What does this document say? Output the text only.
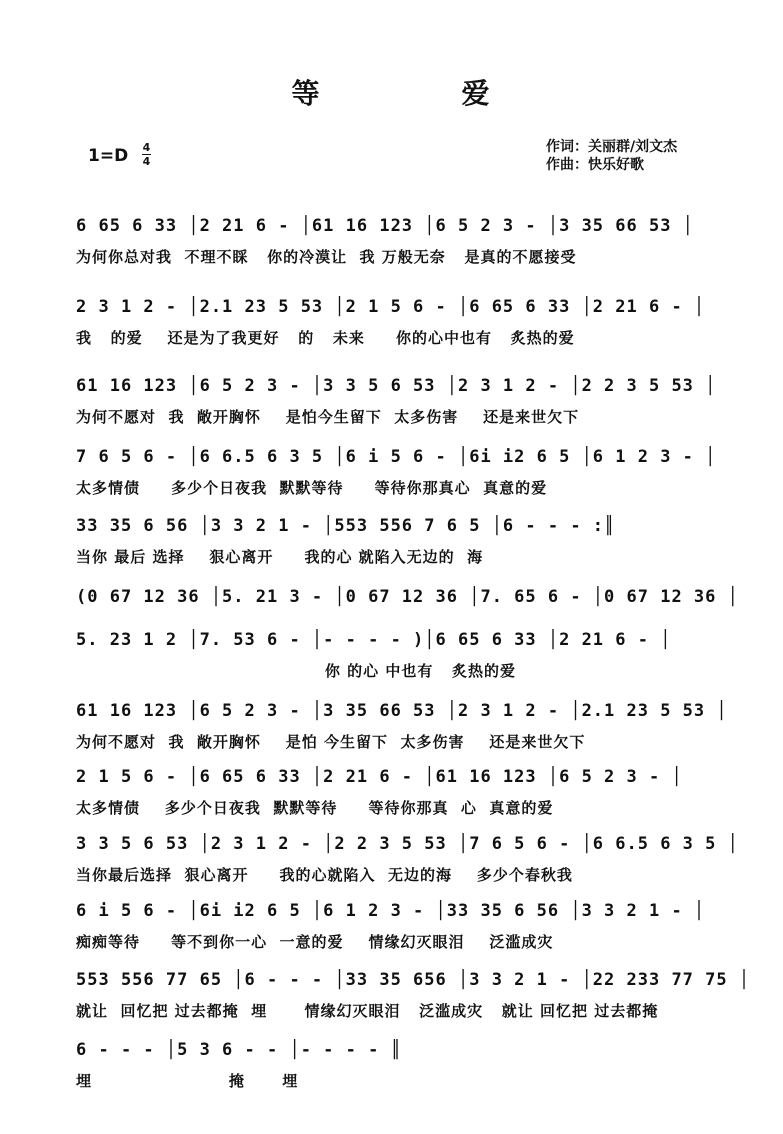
等	爱
1=D 4
4
作词：关丽群/刘文杰
作曲：快乐好歌
6 65 6 33 │2 21 6 - │61 16 123 │6 5 2 3 - │3 35 66 53 │
为何你总对我  不理不睬   你的冷漠让  我 万般无奈   是真的不愿接受
2 3 1 2 - │2.1 23 5 53 │2 1 5 6 - │6 65 6 33 │2 21 6 - │
我   的爱    还是为了我更好   的   未来     你的心中也有   炙热的爱
61 16 123 │6 5 2 3 - │3 3 5 6 53 │2 3 1 2 - │2 2 3 5 53 │
为何不愿对  我  敞开胸怀    是怕今生留下  太多伤害    还是来世欠下
7 6 5 6 - │6 6.5 6 3 5 │6 i 5 6 - │6i i2 6 5 │6 1 2 3 - │
太多情债     多少个日夜我  默默等待     等待你那真心  真意的爱
33 35 6 56 │3 3 2 1 - │553 556 7 6 5 │6 - - - :║
当你 最后 选择    狠心离开     我的心 就陷入无边的  海
(0 67 12 36 │5. 21 3 - │0 67 12 36 │7. 65 6 - │0 67 12 36 │
5. 23 1 2 │7. 53 6 - │- - - - )│6 65 6 33 │2 21 6 - │
你 的心 中也有   炙热的爱
61 16 123 │6 5 2 3 - │3 35 66 53 │2 3 1 2 - │2.1 23 5 53 │
为何不愿对  我  敞开胸怀    是怕 今生留下  太多伤害    还是来世欠下
2 1 5 6 - │6 65 6 33 │2 21 6 - │61 16 123 │6 5 2 3 - │
太多情债    多少个日夜我  默默等待     等待你那真  心  真意的爱
3 3 5 6 53 │2 3 1 2 - │2 2 3 5 53 │7 6 5 6 - │6 6.5 6 3 5 │
当你最后选择  狠心离开     我的心就陷入  无边的海    多少个春秋我
6 i 5 6 - │6i i2 6 5 │6 1 2 3 - │33 35 6 56 │3 3 2 1 - │
痴痴等待     等不到你一心  一意的爱    情缘幻灭眼泪    泛滥成灾
553 556 77 65 │6 - - - │33 35 656 │3 3 2 1 - │22 233 77 75 │
就让  回忆把 过去都掩  埋      情缘幻灭眼泪   泛滥成灾   就让 回忆把 过去都掩
6 - - - │5 3 6 - - │- - - - ║
埋                      掩      埋
